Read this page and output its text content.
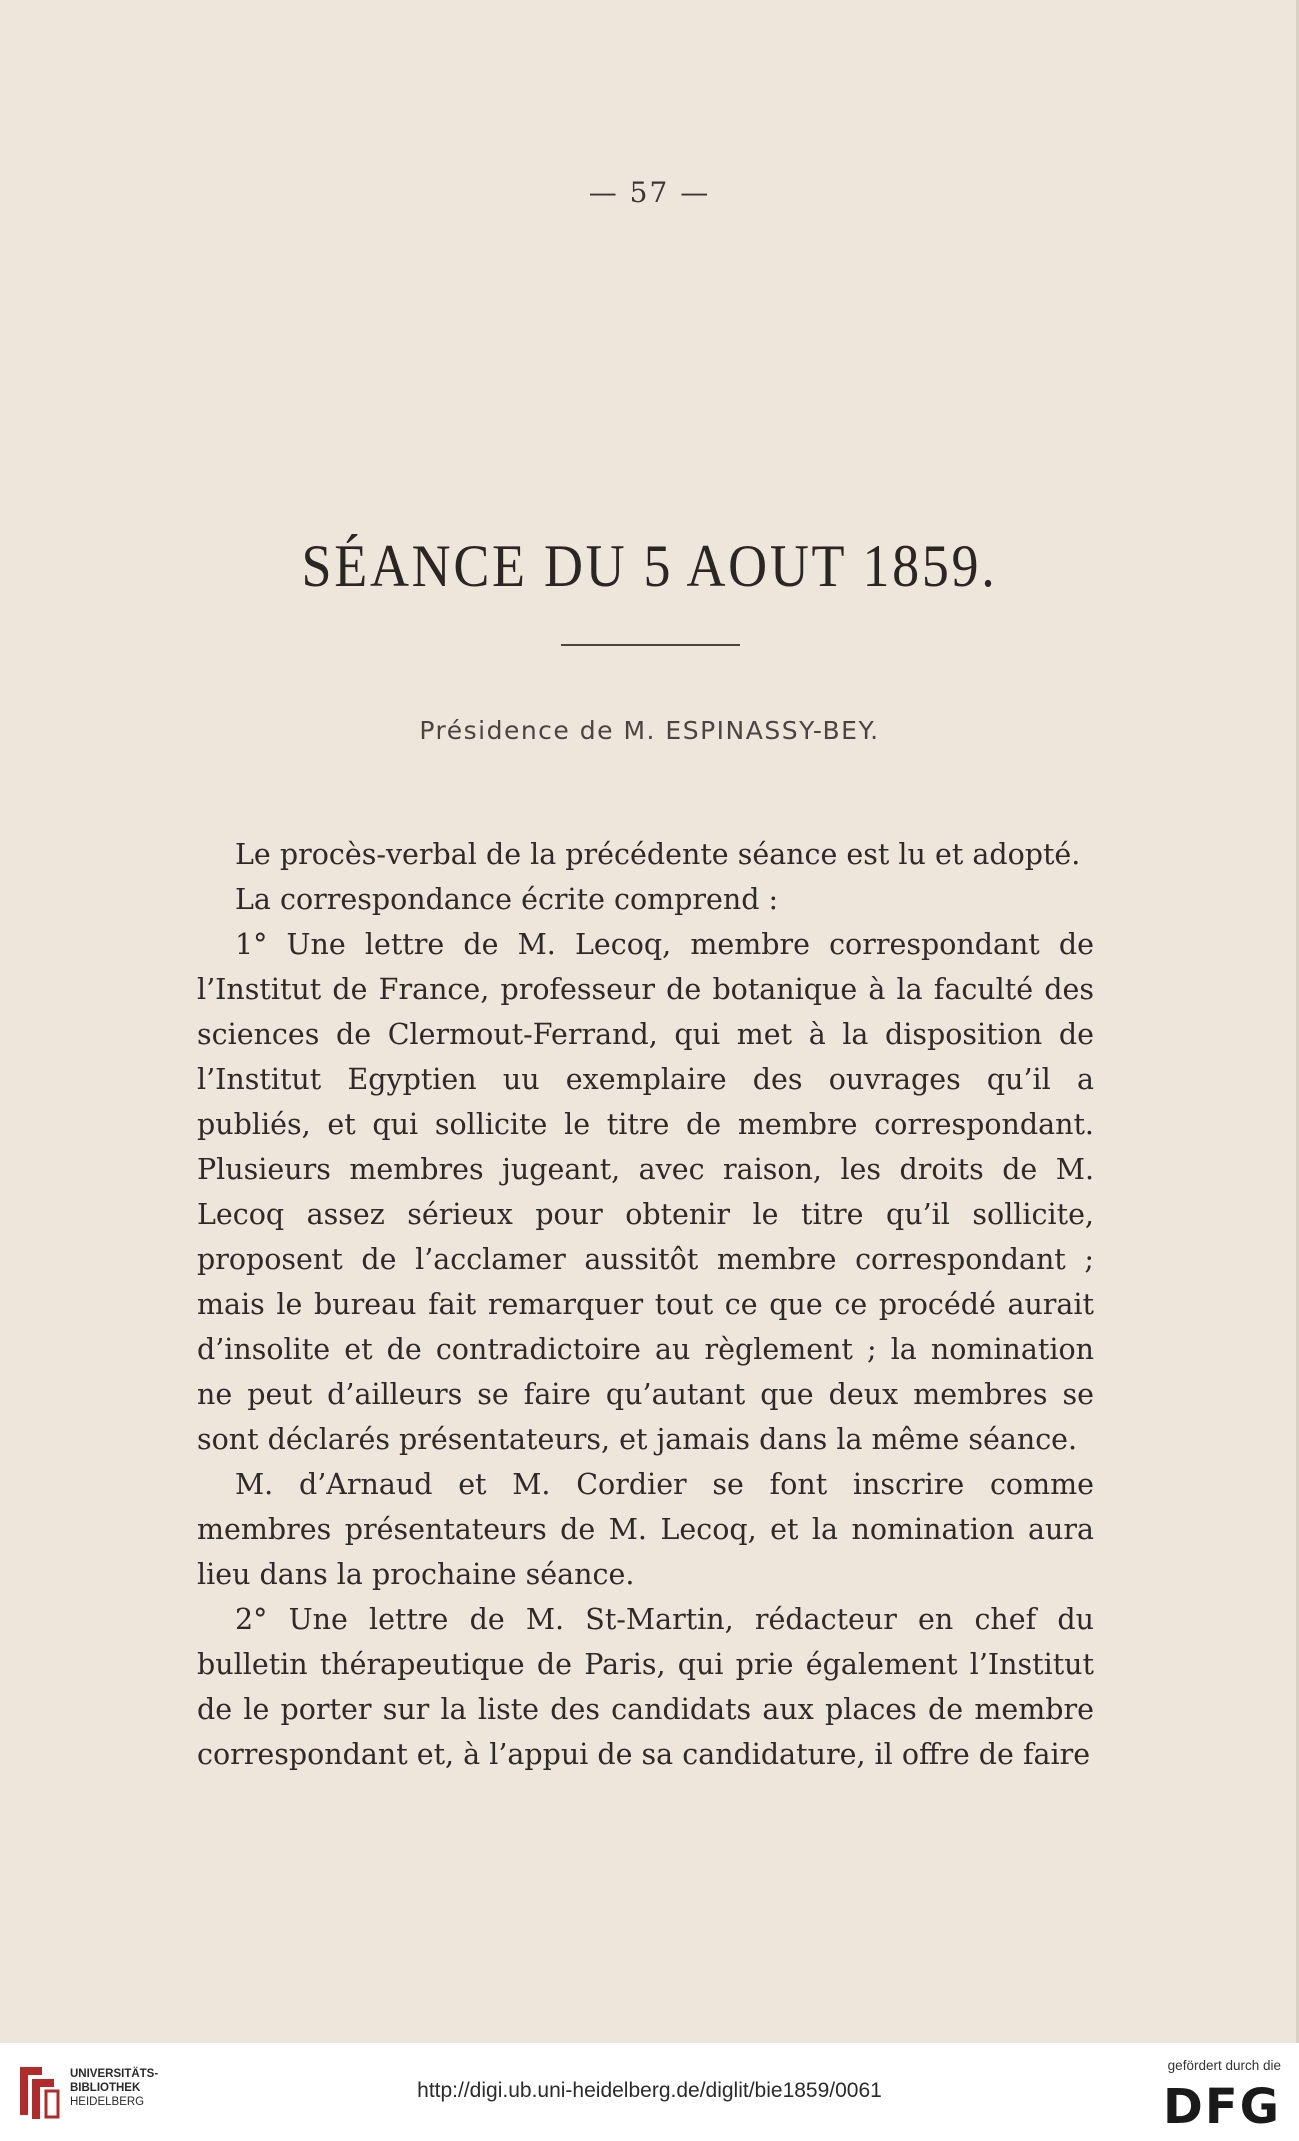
— 57 —
SÉANCE DU 5 AOUT 1859.
Présidence de M. ESPINASSY-BEY.

Le procès-verbal de la précédente séance est lu et adopté.

La correspondance écrite comprend :

1° Une lettre de M. Lecoq, membre correspondant de l’Institut de France, professeur de botanique à la faculté des sciences de Clermout-Ferrand, qui met à la disposition de l’Institut Egyptien uu exemplaire des ouvrages qu’il a publiés, et qui sollicite le titre de membre correspondant. Plusieurs membres jugeant, avec raison, les droits de M. Lecoq assez sérieux pour obtenir le titre qu’il sollicite, proposent de l’acclamer aussitôt membre correspondant ; mais le bureau fait remarquer tout ce que ce procédé aurait d’insolite et de contradictoire au règlement ; la nomination ne peut d’ailleurs se faire qu’autant que deux membres se sont déclarés présentateurs, et jamais dans la même séance.

M. d’Arnaud et M. Cordier se font inscrire comme membres présentateurs de M. Lecoq, et la nomination aura lieu dans la prochaine séance.

2° Une lettre de M. St-Martin, rédacteur en chef du bulletin thérapeutique de Paris, qui prie également l’Institut de le porter sur la liste des candidats aux places de membre correspondant et, à l’appui de sa candidature, il offre de faire

UNIVERSITÄTS-
BIBLIOTHEK
HEIDELBERG	http://digi.ub.uni-heidelberg.de/diglit/bie1859/0061
gefördert durch die
DFG
